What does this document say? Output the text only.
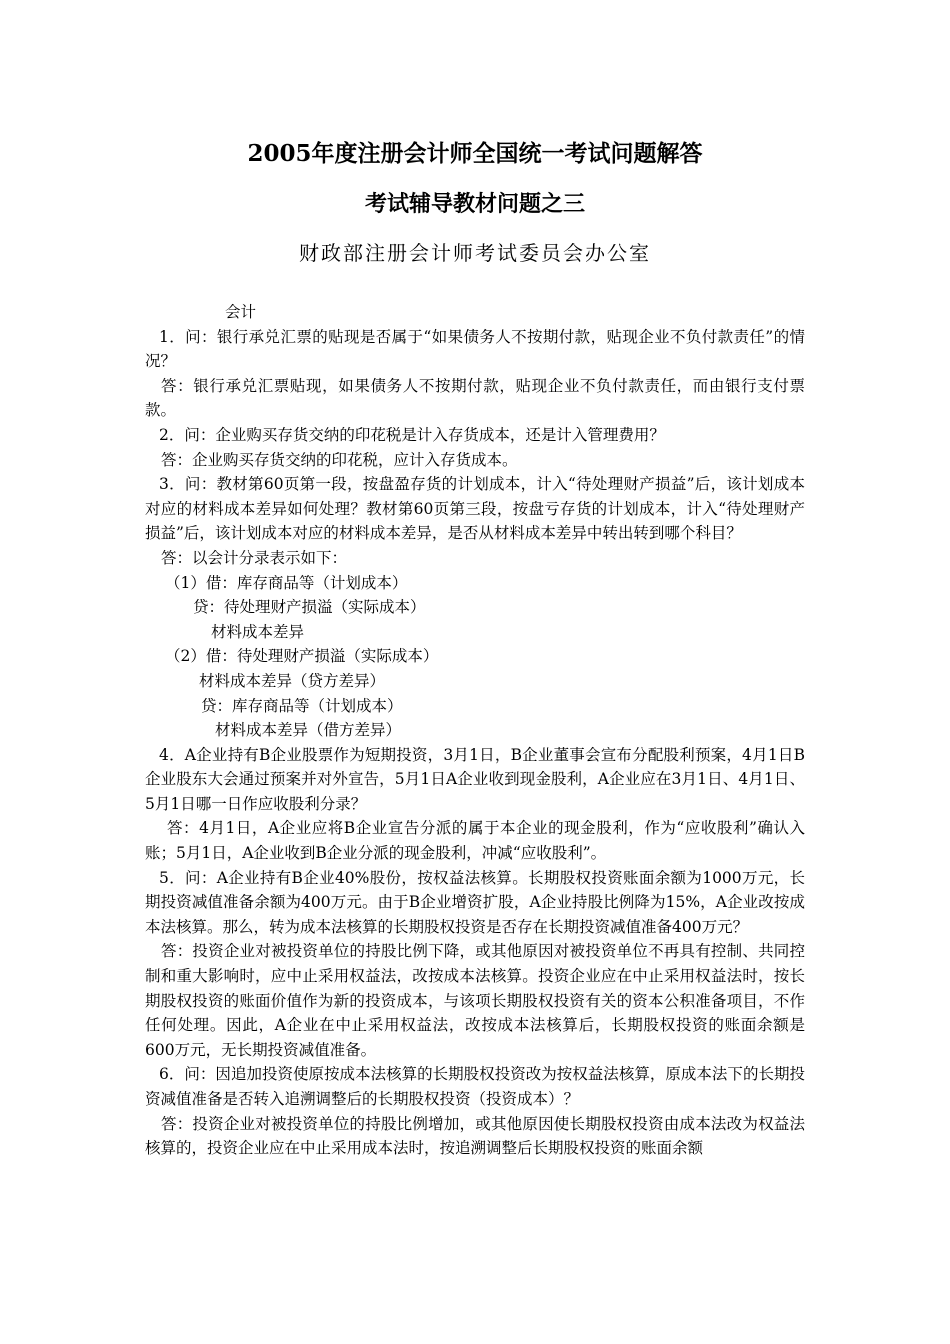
2005年度注册会计师全国统一考试问题解答
考试辅导教材问题之三
财政部注册会计师考试委员会办公室

会计

1．问：银行承兑汇票的贴现是否属于“如果债务人不按期付款，贴现企业不负付款责任”的情况？

答：银行承兑汇票贴现，如果债务人不按期付款，贴现企业不负付款责任，而由银行支付票款。

2．问：企业购买存货交纳的印花税是计入存货成本，还是计入管理费用？

答：企业购买存货交纳的印花税，应计入存货成本。

3．问：教材第60页第一段，按盘盈存货的计划成本，计入“待处理财产损益”后，该计划成本对应的材料成本差异如何处理？教材第60页第三段，按盘亏存货的计划成本，计入“待处理财产损益”后，该计划成本对应的材料成本差异，是否从材料成本差异中转出转到哪个科目？

答：以会计分录表示如下：

（1）借：库存商品等（计划成本）

贷：待处理财产损溢（实际成本）

材料成本差异

（2）借：待处理财产损溢（实际成本）

材料成本差异（贷方差异）

贷：库存商品等（计划成本）

材料成本差异（借方差异）

4．A企业持有B企业股票作为短期投资，3月1日，B企业董事会宣布分配股利预案，4月1日B企业股东大会通过预案并对外宣告，5月1日A企业收到现金股利，A企业应在3月1日、4月1日、5月1日哪一日作应收股利分录？

答：4月1日，A企业应将B企业宣告分派的属于本企业的现金股利，作为“应收股利”确认入账；5月1日，A企业收到B企业分派的现金股利，冲减“应收股利”。

5．问：A企业持有B企业40%股份，按权益法核算。长期股权投资账面余额为1000万元，长期投资减值准备余额为400万元。由于B企业增资扩股，A企业持股比例降为15%，A企业改按成本法核算。那么，转为成本法核算的长期股权投资是否存在长期投资减值准备400万元？

答：投资企业对被投资单位的持股比例下降，或其他原因对被投资单位不再具有控制、共同控制和重大影响时，应中止采用权益法，改按成本法核算。投资企业应在中止采用权益法时，按长期股权投资的账面价值作为新的投资成本，与该项长期股权投资有关的资本公积准备项目，不作任何处理。因此，A企业在中止采用权益法，改按成本法核算后，长期股权投资的账面余额是600万元，无长期投资减值准备。

6．问：因追加投资使原按成本法核算的长期股权投资改为按权益法核算，原成本法下的长期投资减值准备是否转入追溯调整后的长期股权投资（投资成本）？

答：投资企业对被投资单位的持股比例增加，或其他原因使长期股权投资由成本法改为权益法核算的，投资企业应在中止采用成本法时，按追溯调整后长期股权投资的账面余额
